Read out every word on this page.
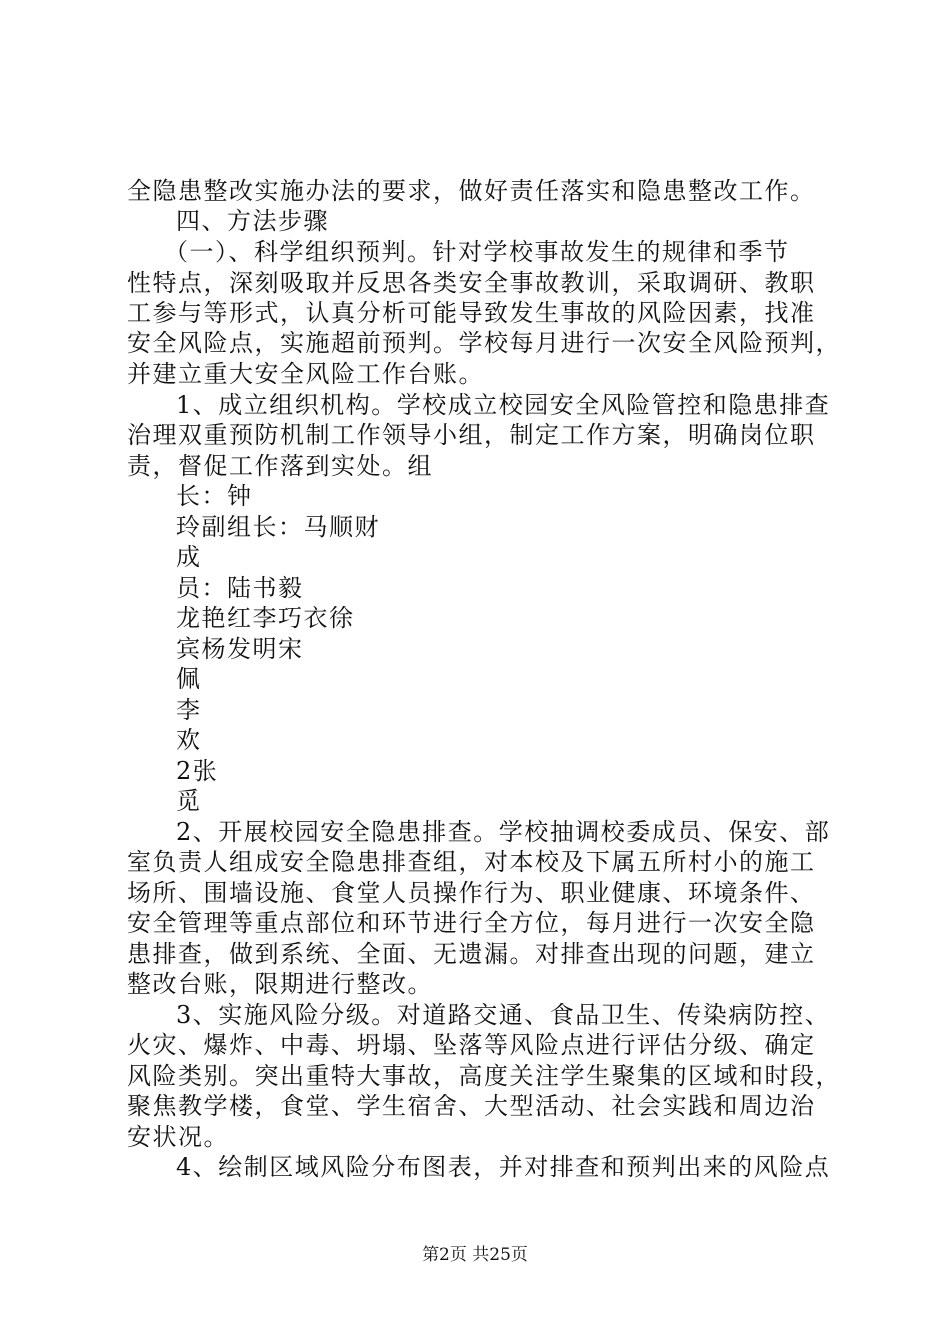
全隐患整改实施办法的要求，做好责任落实和隐患整改工作。
四、方法步骤
（一）、科学组织预判。针对学校事故发生的规律和季节
性特点，深刻吸取并反思各类安全事故教训，采取调研、教职
工参与等形式，认真分析可能导致发生事故的风险因素，找准
安全风险点，实施超前预判。学校每月进行一次安全风险预判，
并建立重大安全风险工作台账。
1、成立组织机构。学校成立校园安全风险管控和隐患排查
治理双重预防机制工作领导小组，制定工作方案，明确岗位职
责，督促工作落到实处。组
长：钟
玲副组长：马顺财
成
员：陆书毅
龙艳红李巧衣徐
宾杨发明宋
佩
李
欢
2张
觅
2、开展校园安全隐患排查。学校抽调校委成员、保安、部
室负责人组成安全隐患排查组，对本校及下属五所村小的施工
场所、围墙设施、食堂人员操作行为、职业健康、环境条件、
安全管理等重点部位和环节进行全方位，每月进行一次安全隐
患排查，做到系统、全面、无遗漏。对排查出现的问题，建立
整改台账，限期进行整改。
3、实施风险分级。对道路交通、食品卫生、传染病防控、
火灾、爆炸、中毒、坍塌、坠落等风险点进行评估分级、确定
风险类别。突出重特大事故，高度关注学生聚集的区域和时段，
聚焦教学楼，食堂、学生宿舍、大型活动、社会实践和周边治
安状况。
4、绘制区域风险分布图表，并对排查和预判出来的风险点
第2页 共25页
